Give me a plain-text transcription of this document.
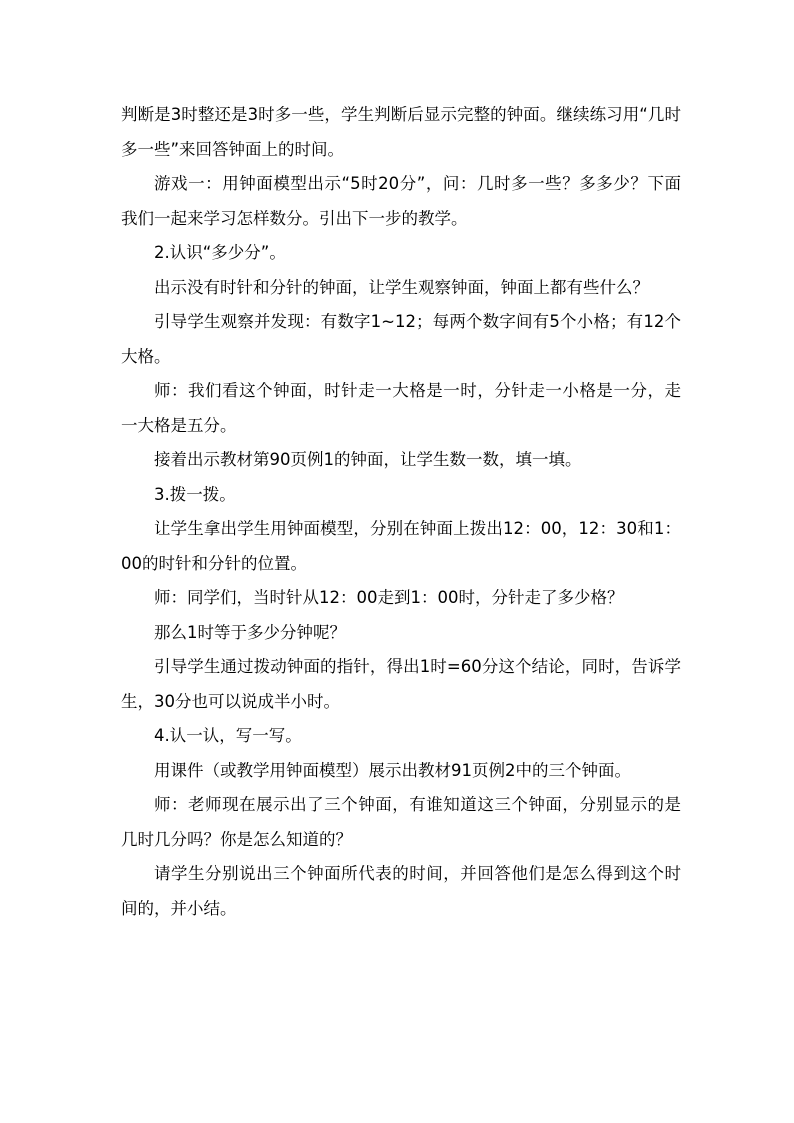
判断是3时整还是3时多一些，学生判断后显示完整的钟面。继续练习用“几时多一些”来回答钟面上的时间。

游戏一：用钟面模型出示“5时20分”，问：几时多一些？多多少？下面我们一起来学习怎样数分。引出下一步的教学。

2.认识“多少分”。

出示没有时针和分针的钟面，让学生观察钟面，钟面上都有些什么？

引导学生观察并发现：有数字1~12；每两个数字间有5个小格；有12个大格。

师：我们看这个钟面，时针走一大格是一时，分针走一小格是一分，走一大格是五分。

接着出示教材第90页例1的钟面，让学生数一数，填一填。

3.拨一拨。

让学生拿出学生用钟面模型，分别在钟面上拨出12：00，12：30和1：00的时针和分针的位置。

师：同学们，当时针从12：00走到1：00时，分针走了多少格？

那么1时等于多少分钟呢？

引导学生通过拨动钟面的指针，得出1时=60分这个结论，同时，告诉学生，30分也可以说成半小时。

4.认一认，写一写。

用课件（或教学用钟面模型）展示出教材91页例2中的三个钟面。

师：老师现在展示出了三个钟面，有谁知道这三个钟面，分别显示的是几时几分吗？你是怎么知道的？

请学生分别说出三个钟面所代表的时间，并回答他们是怎么得到这个时间的，并小结。
